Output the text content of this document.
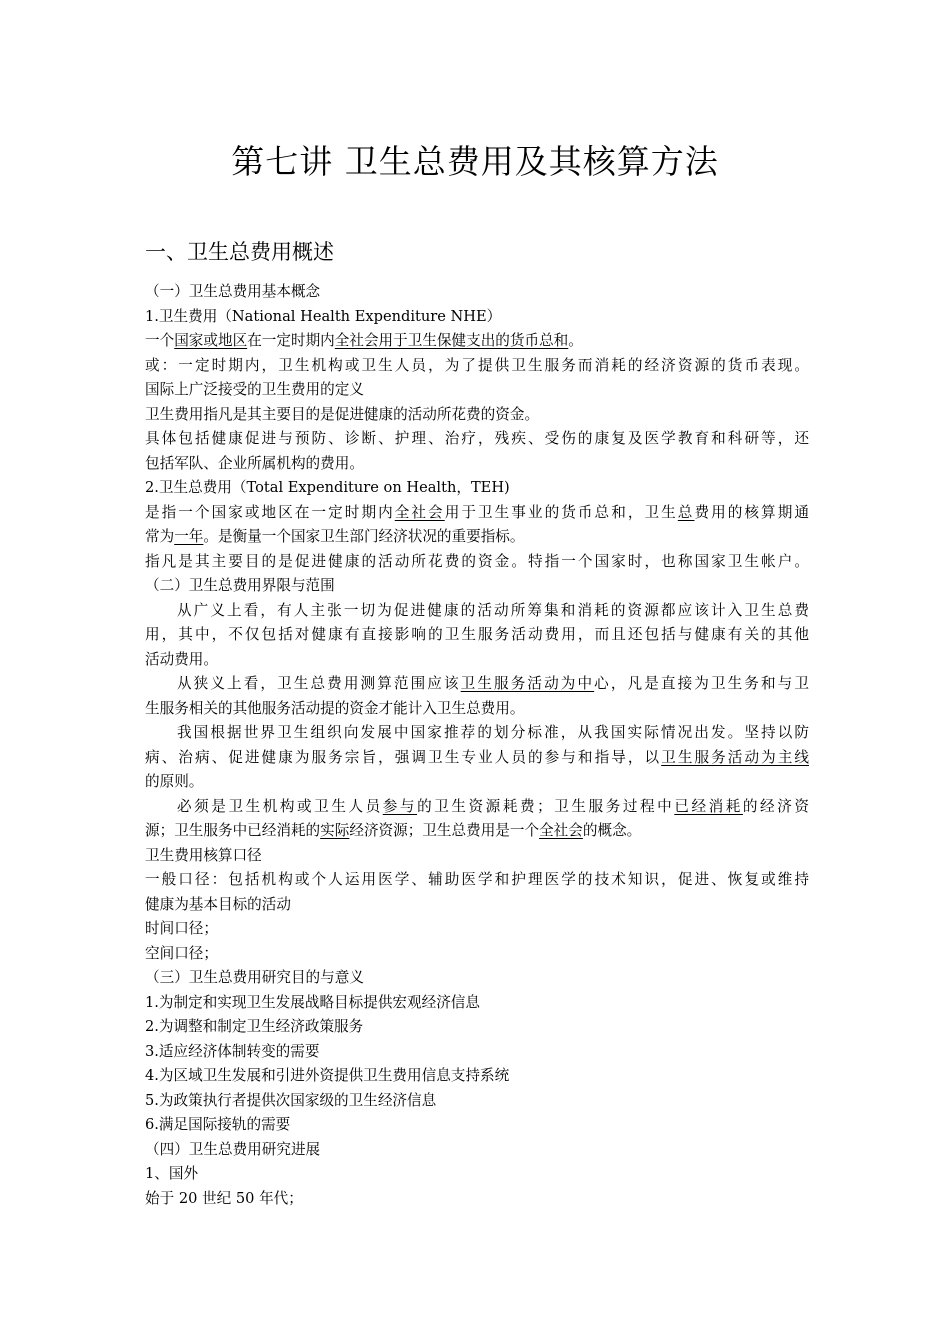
第七讲 卫生总费用及其核算方法
一、卫生总费用概述
（一）卫生总费用基本概念
1.卫生费用（National Health Expenditure NHE）
一个国家或地区在一定时期内全社会用于卫生保健支出的货币总和。
或：一定时期内，卫生机构或卫生人员，为了提供卫生服务而消耗的经济资源的货币表现。
国际上广泛接受的卫生费用的定义
卫生费用指凡是其主要目的是促进健康的活动所花费的资金。
具体包括健康促进与预防、诊断、护理、治疗，残疾、受伤的康复及医学教育和科研等，还
包括军队、企业所属机构的费用。
2.卫生总费用（Total Expenditure on Health，TEH)
是指一个国家或地区在一定时期内全社会用于卫生事业的货币总和，卫生总费用的核算期通
常为一年。是衡量一个国家卫生部门经济状况的重要指标。
指凡是其主要目的是促进健康的活动所花费的资金。特指一个国家时，也称国家卫生帐户。
（二）卫生总费用界限与范围
从广义上看，有人主张一切为促进健康的活动所筹集和消耗的资源都应该计入卫生总费
用，其中，不仅包括对健康有直接影响的卫生服务活动费用，而且还包括与健康有关的其他
活动费用。
从狭义上看，卫生总费用测算范围应该卫生服务活动为中心，凡是直接为卫生务和与卫
生服务相关的其他服务活动提的资金才能计入卫生总费用。
我国根据世界卫生组织向发展中国家推荐的划分标准，从我国实际情况出发。坚持以防
病、治病、促进健康为服务宗旨，强调卫生专业人员的参与和指导，以卫生服务活动为主线
的原则。
必须是卫生机构或卫生人员参与的卫生资源耗费；卫生服务过程中已经消耗的经济资
源；卫生服务中已经消耗的实际经济资源；卫生总费用是一个全社会的概念。
卫生费用核算口径
一般口径：包括机构或个人运用医学、辅助医学和护理医学的技术知识，促进、恢复或维持
健康为基本目标的活动
时间口径；
空间口径；
（三）卫生总费用研究目的与意义
1.为制定和实现卫生发展战略目标提供宏观经济信息
2.为调整和制定卫生经济政策服务
3.适应经济体制转变的需要
4.为区域卫生发展和引进外资提供卫生费用信息支持系统
5.为政策执行者提供次国家级的卫生经济信息
6.满足国际接轨的需要
（四）卫生总费用研究进展
1、国外
始于 20 世纪 50 年代；
